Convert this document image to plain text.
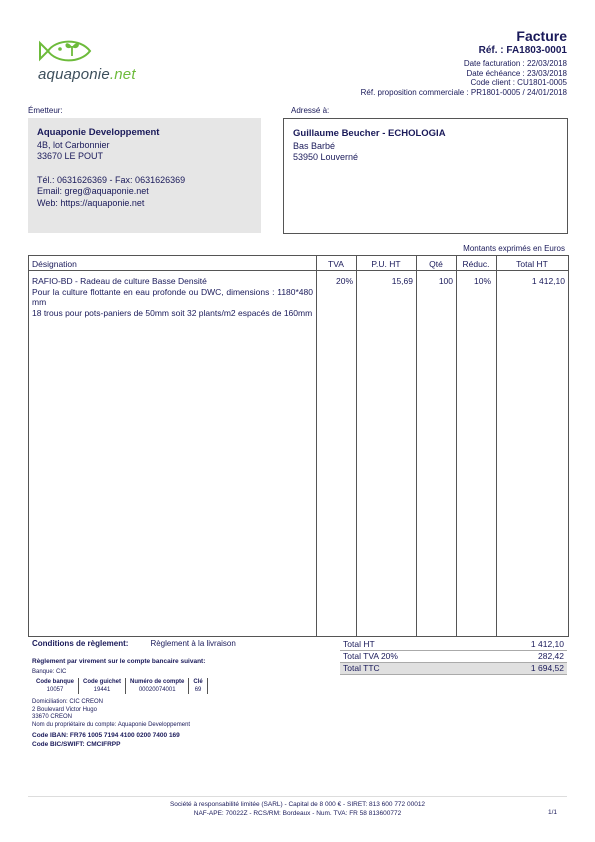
aquaponie.net
Facture
Réf. : FA1803-0001
Date facturation : 22/03/2018
Date échéance : 23/03/2018
Code client : CU1801-0005
Réf. proposition commerciale : PR1801-0005 / 24/01/2018
Émetteur:	Adressé à:
Aquaponie Developpement
4B, lot Carbonnier
33670 LE POUT
Tél.: 0631626369 - Fax: 0631626369
Email: greg@aquaponie.net
Web: https://aquaponie.net
Guillaume Beucher - ECHOLOGIA
Bas Barbé
53950 Louverné
Montants exprimés en Euros
Désignation	TVA	P.U. HT	Qté	Réduc.	Total HT

RAFIO-BD - Radeau de culture Basse Densité

Pour la culture flottante en eau profonde ou DWC, dimensions : 1180*480 mm

18 trous pour pots-paniers de 50mm soit 32 plants/m2 espacés de 160mm

20%	15,69	100	10%	1 412,10
Conditions de règlement:	Règlement à la livraison
Règlement par virement sur le compte bancaire suivant:
Banque: CIC
Code banque	Code guichet	Numéro de compte	Clé
10057	19441	00020074001	69
Domiciliation: CIC CREON
2 Boulevard Victor Hugo
33670 CREON
Nom du propriétaire du compte: Aquaponie Developpement
Code IBAN: FR76 1005 7194 4100 0200 7400 169
Code BIC/SWIFT: CMCIFRPP
Total HT	1 412,10
Total TVA 20%	282,42
Total TTC	1 694,52
Société à responsabilité limitée (SARL) - Capital de 8 000 € - SIRET: 813 600 772 00012
NAF-APE: 70022Z - RCS/RM: Bordeaux - Num. TVA: FR 58 813600772	1/1
